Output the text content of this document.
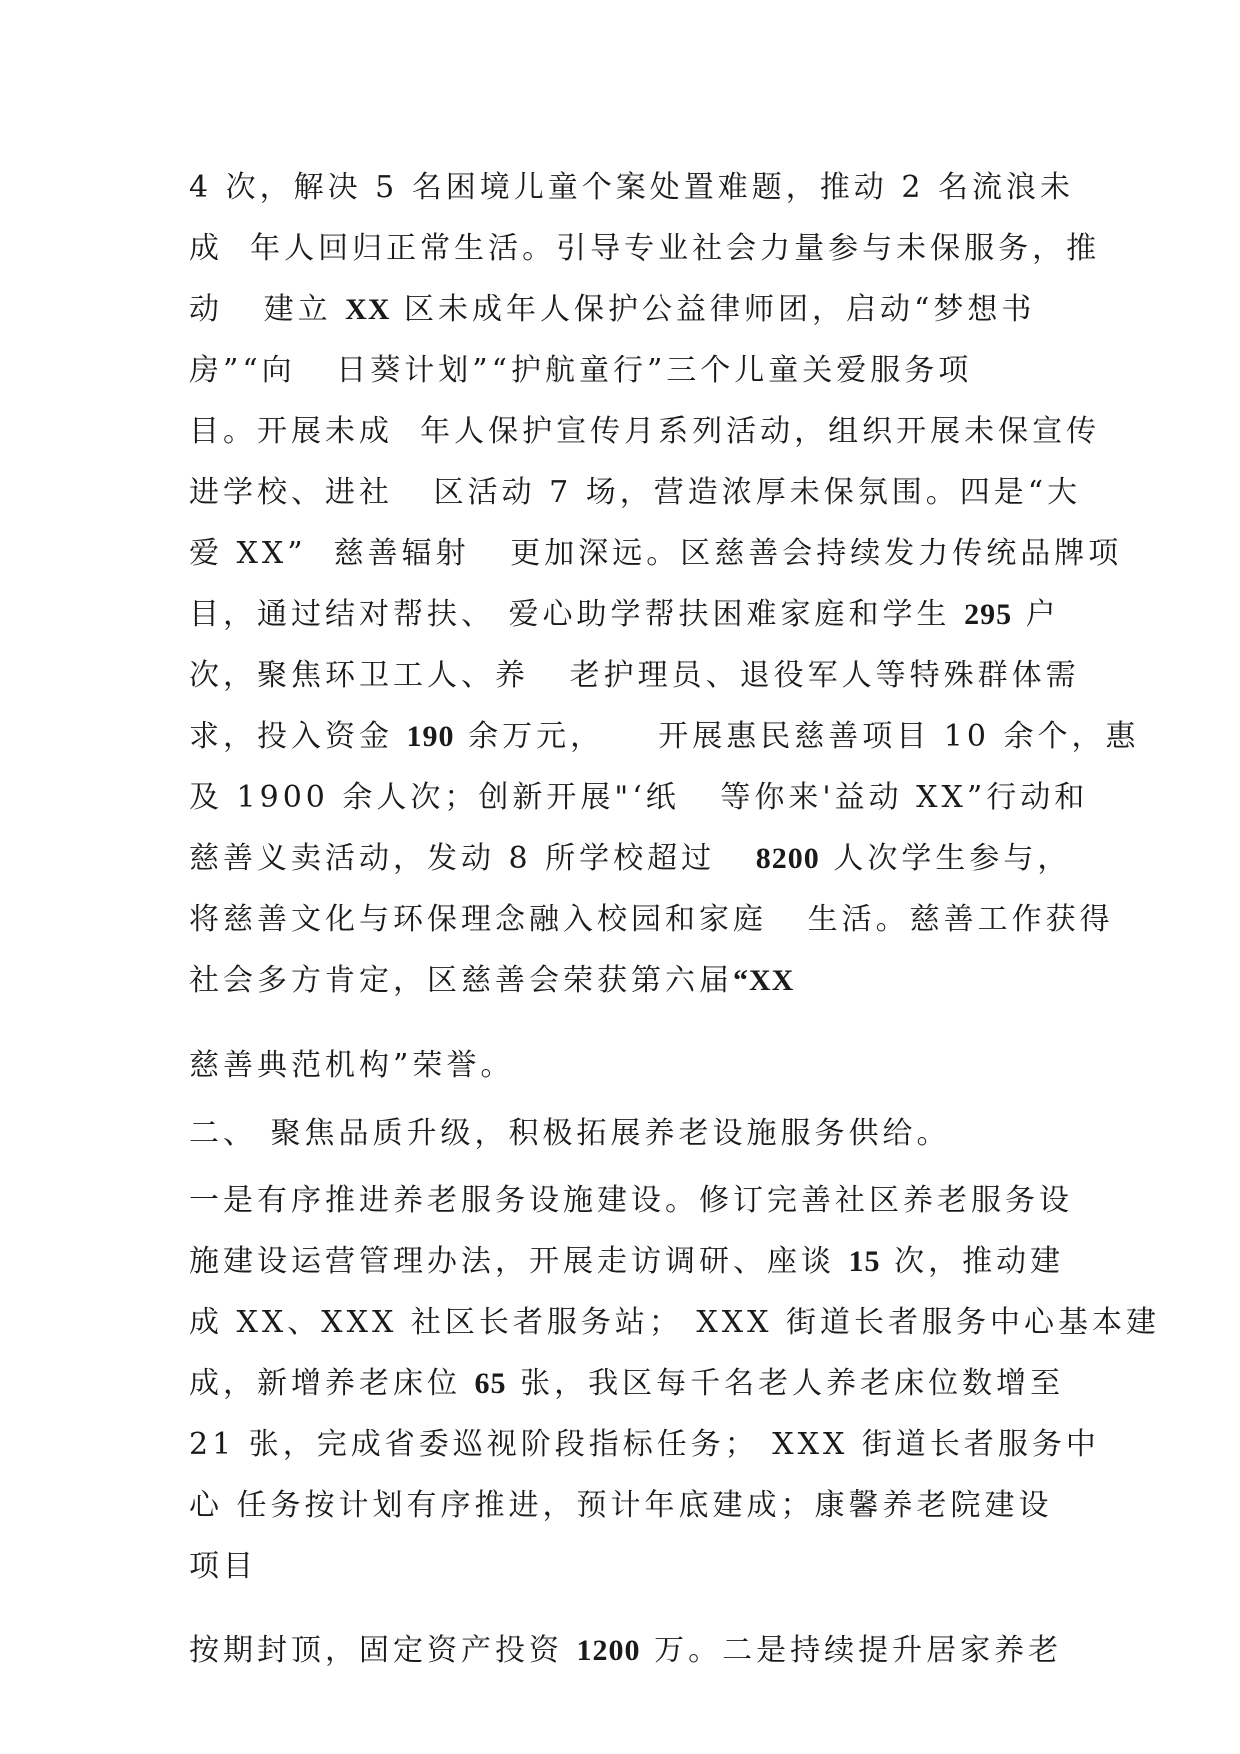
4 次，解决 5 名困境儿童个案处置难题，推动 2 名流浪未

成  年人回归正常生活。引导专业社会力量参与未保服务，推

动   建立 XX 区未成年人保护公益律师团，启动“梦想书

房”“向   日葵计划”“护航童行”三个儿童关爱服务项

目。开展未成  年人保护宣传月系列活动，组织开展未保宣传

进学校、进社   区活动 7 场，营造浓厚未保氛围。四是“大

爱 XX”  慈善辐射   更加深远。区慈善会持续发力传统品牌项

目，通过结对帮扶、 爱心助学帮扶困难家庭和学生 295 户

次，聚焦环卫工人、养   老护理员、退役军人等特殊群体需

求，投入资金 190 余万元，    开展惠民慈善项目 10 余个，惠

及 1900 余人次；创新开展"‘纸   等你来'益动 XX”行动和

慈善义卖活动，发动 8 所学校超过   8200 人次学生参与，

将慈善文化与环保理念融入校园和家庭   生活。慈善工作获得

社会多方肯定，区慈善会荣获第六届“XX

慈善典范机构”荣誉。

二、 聚焦品质升级，积极拓展养老设施服务供给。

一是有序推进养老服务设施建设。修订完善社区养老服务设

施建设运营管理办法，开展走访调研、座谈 15 次，推动建

成 XX、XXX 社区长者服务站； XXX 街道长者服务中心基本建

成，新增养老床位 65 张，我区每千名老人养老床位数增至

21 张，完成省委巡视阶段指标任务； XXX 街道长者服务中

心 任务按计划有序推进，预计年底建成；康馨养老院建设

项目

按期封顶，固定资产投资 1200 万。二是持续提升居家养老
